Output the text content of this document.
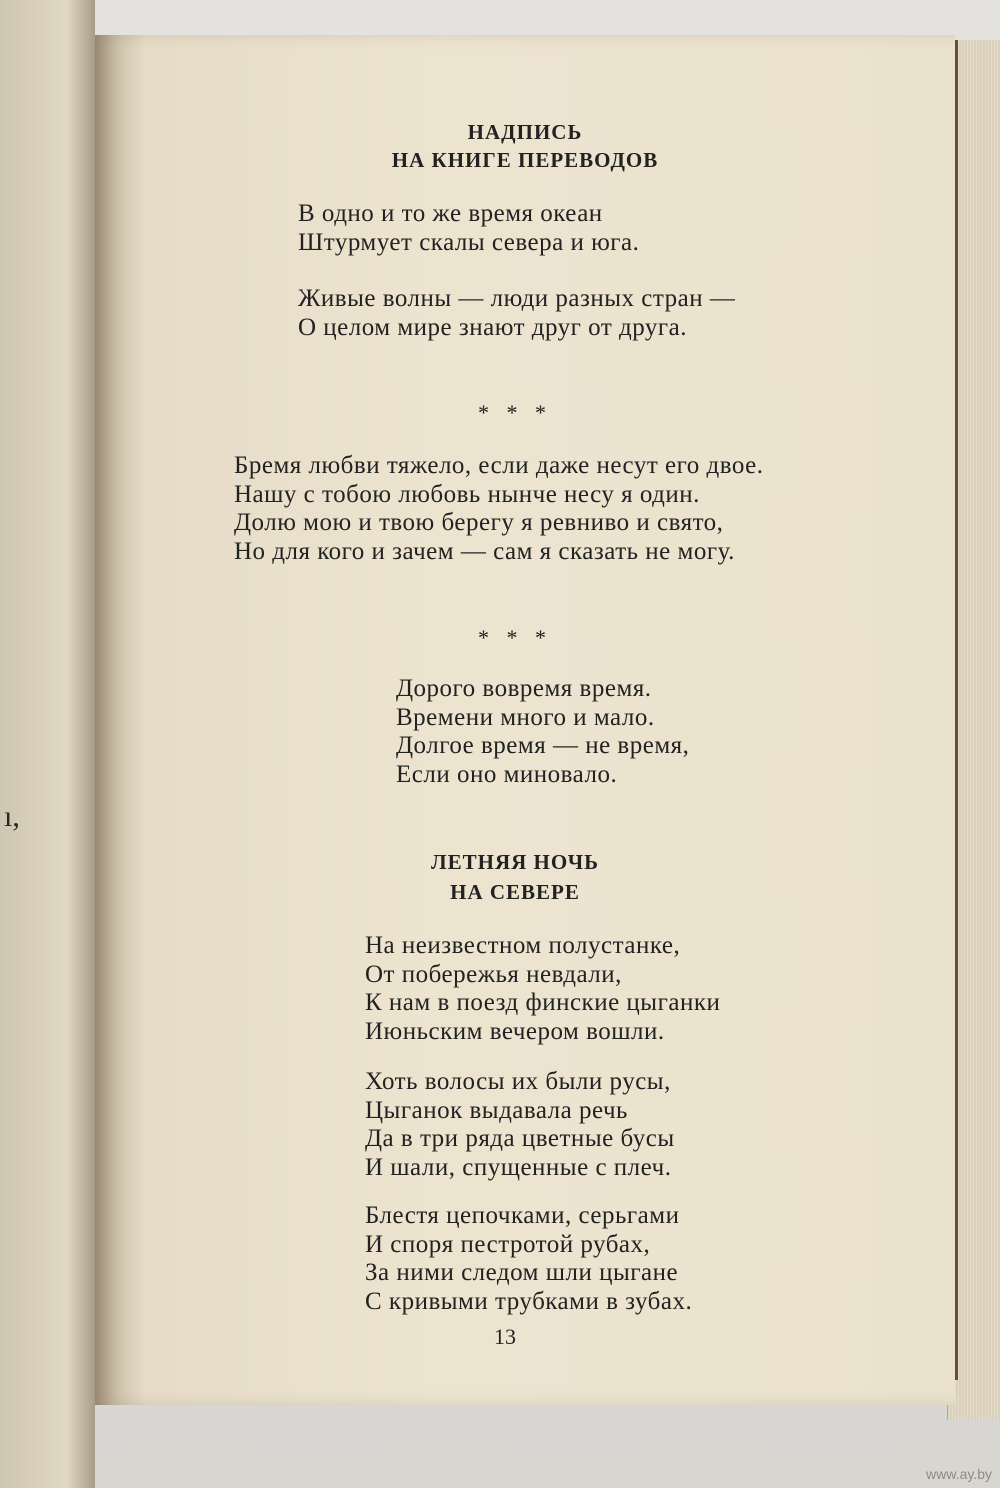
ı,
НАДПИСЬ
НА КНИГЕ ПЕРЕВОДОВ
В одно и то же время океан
Штурмует скалы севера и юга.
Живые волны — люди разных стран —
О целом мире знают друг от друга.
* * *
Бремя любви тяжело, если даже несут его двое.
Нашу с тобою любовь нынче несу я один.
Долю мою и твою берегу я ревниво и свято,
Но для кого и зачем — сам я сказать не могу.
* * *
Дорого вовремя время.
Времени много и мало.
Долгое время — не время,
Если оно миновало.
ЛЕТНЯЯ НОЧЬ
НА СЕВЕРЕ
На неизвестном полустанке,
От побережья невдали,
К нам в поезд финские цыганки
Июньским вечером вошли.
Хоть волосы их были русы,
Цыганок выдавала речь
Да в три ряда цветные бусы
И шали, спущенные с плеч.
Блестя цепочками, серьгами
И споря пестротой рубах,
За ними следом шли цыгане
С кривыми трубками в зубах.
13
www.ay.by
